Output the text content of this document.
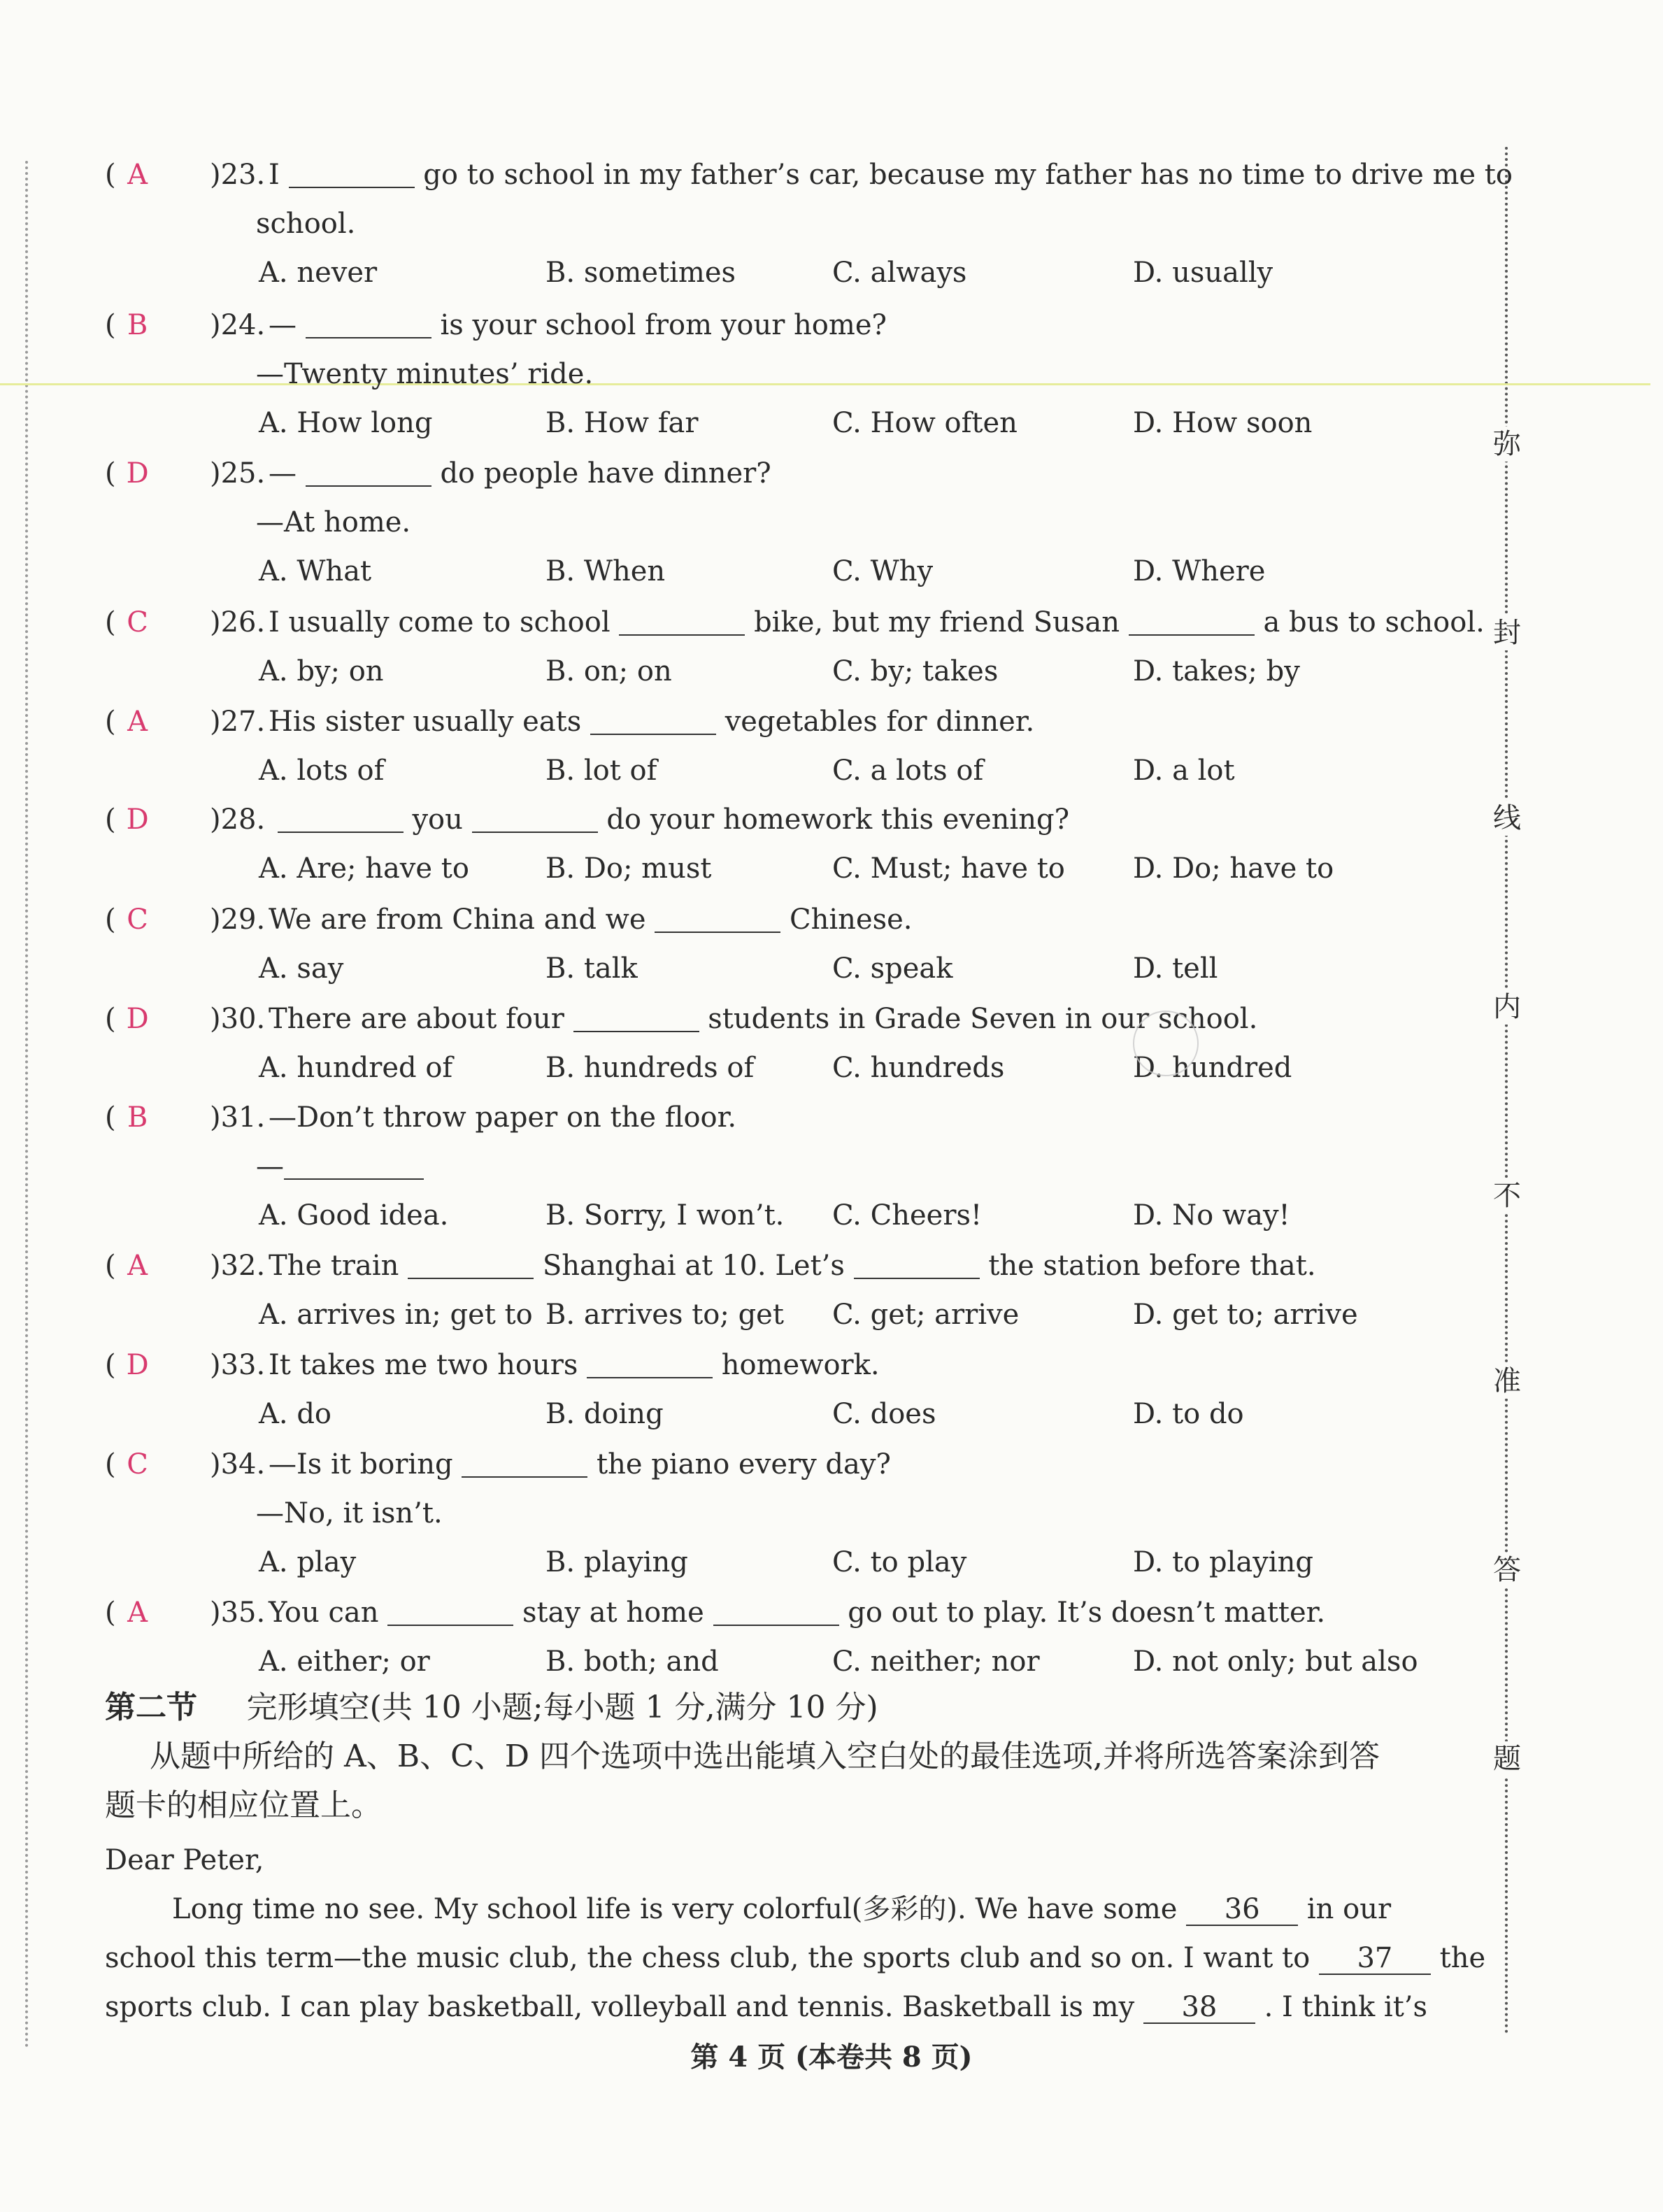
( A )23. I	go to school in my father’s car, because my father has no time to drive me to
school.
A. never	B. sometimes	C. always	D. usually
( B )24. —	is your school from your home?
—Twenty minutes’ ride.
A. How long	B. How far	C. How often	D. How soon
( D )25. —	do people have dinner?
—At home.
A. What	B. When	C. Why	D. Where
( C )26. I usually come to school	bike, but my friend Susan	a bus to school.
A. by; on	B. on; on	C. by; takes	D. takes; by
( A )27. His sister usually eats	vegetables for dinner.
A. lots of	B. lot of	C. a lots of	D. a lot
( D )28.	you	do your homework this evening?
A. Are; have to	B. Do; must	C. Must; have to D. Do; have to
( C )29. We are from China and we	Chinese.
A. say	B. talk	C. speak	D. tell
( D )30. There are about four	students in Grade Seven in our school.
A. hundred of	B. hundreds of	C. hundreds	D. hundred
( B )31. —Don’t throw paper on the floor.
—
A. Good idea.	B. Sorry, I won’t. C. Cheers!	D. No way!
( A )32. The train	Shanghai at 10. Let’s	the station before that.
A. arrives in; get to B. arrives to; get C. get; arrive	D. get to; arrive
( D )33. It takes me two hours	homework.
A. do	B. doing	C. does	D. to do
( C )34. —Is it boring	the piano every day?
—No, it isn’t.
A. play	B. playing	C. to play	D. to playing
( A )35. You can	stay at home	go out to play. It’s doesn’t matter.
A. either; or	B. both; and	C. neither; nor	D. not only; but also
第二节 完形填空(共 10 小题;每小题 1 分,满分 10 分)
从题中所给的 A、B、C、D 四个选项中选出能填入空白处的最佳选项,并将所选答案涂到答
题卡的相应位置上。
Dear Peter,
Long time no see. My school life is very colorful(多彩的). We have some 36 in our
school this term—the music club, the chess club, the sports club and so on. I want to 37 the
sports club. I can play basketball, volleyball and tennis. Basketball is my 38 . I think it’s
第 4 页 (本卷共 8 页)
弥
封
线
内
不
准
答
题
